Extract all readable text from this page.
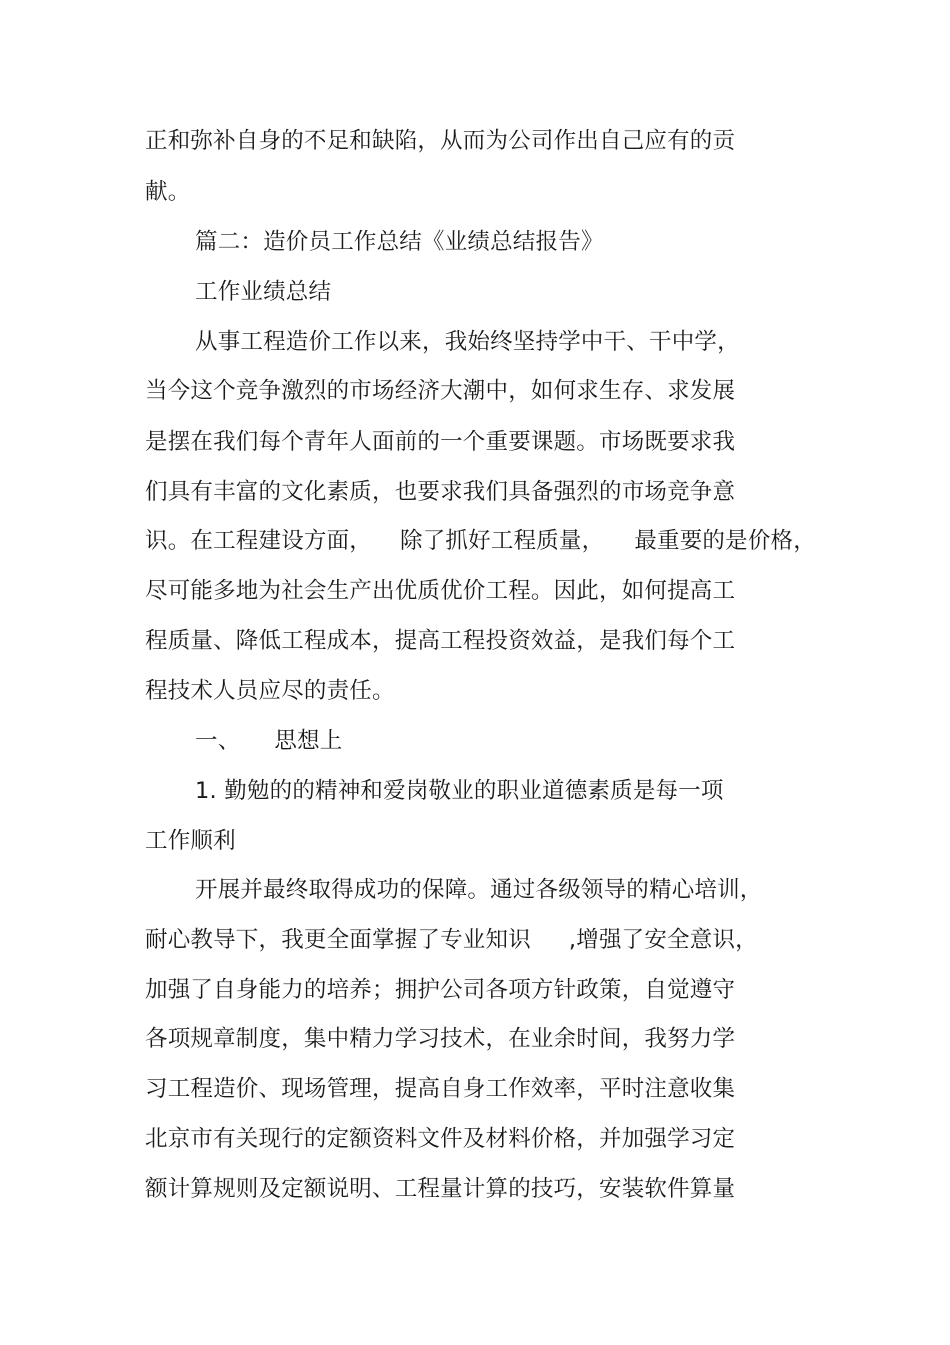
正和弥补自身的不足和缺陷，从而为公司作出自己应有的贡
献。
篇二：造价员工作总结《业绩总结报告》
工作业绩总结
从事工程造价工作以来，我始终坚持学中干、干中学，
当今这个竞争激烈的市场经济大潮中，如何求生存、求发展
是摆在我们每个青年人面前的一个重要课题。市场既要求我
们具有丰富的文化素质，也要求我们具备强烈的市场竞争意
识。在工程建设方面， 除了抓好工程质量， 最重要的是价格，
尽可能多地为社会生产出优质优价工程。因此，如何提高工
程质量、降低工程成本，提高工程投资效益，是我们每个工
程技术人员应尽的责任。
一、 思想上
1. 勤勉的的精神和爱岗敬业的职业道德素质是每一项
工作顺利
开展并最终取得成功的保障。通过各级领导的精心培训，
耐心教导下，我更全面掌握了专业知识 ,增强了安全意识，
加强了自身能力的培养；拥护公司各项方针政策，自觉遵守
各项规章制度，集中精力学习技术，在业余时间，我努力学
习工程造价、现场管理，提高自身工作效率，平时注意收集
北京市有关现行的定额资料文件及材料价格，并加强学习定
额计算规则及定额说明、工程量计算的技巧，安装软件算量
